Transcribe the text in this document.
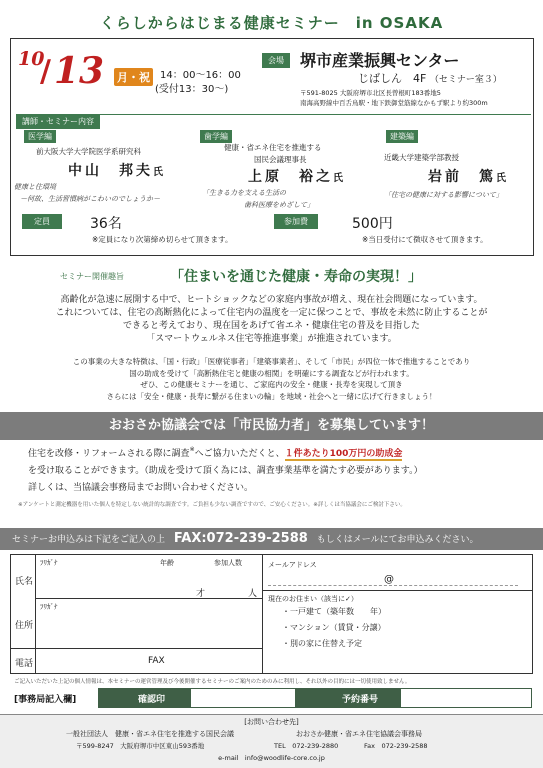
くらしからはじまる健康セミナー　in OSAKA
10
/ 13 月・祝	14：00～16：00
(受付13：30～)
会場	堺市産業振興センター
じばしん　4F （セミナー室３）
〒591-8025 大阪府堺市北区長曽根町183番地5
南海高野線中百舌鳥駅・地下鉄御堂筋線なかもず駅より約300m
講師・セミナー内容
医学編
前大阪大学大学院医学系研究科
中山　邦夫氏
健康と住環境
－何故、生活習慣病がこわいのでしょうか－
歯学編
健康・省エネ住宅を推進する
国民会議理事長
上原　裕之氏
「生きる力を支える生活の
歯科医療をめざして」
建築編
近畿大学建築学部教授
岩前　篤氏
「住宅の健康に対する影響について」
定員	36名
※定員になり次第締め切らせて頂きます。
参加費	500円
※当日受付にて徴収させて頂きます。
セミナー開催趣旨	「住まいを通じた健康・寿命の実現！」
高齢化が急速に展開する中で、ヒートショックなどの家庭内事故が増え、現在社会問題になっています。
これについては、住宅の高断熱化によって住宅内の温度を一定に保つことで、事故を未然に防止することが
できると考えており、現在国をあげて省エネ・健康住宅の普及を目指した
「スマートウェルネス住宅等推進事業」が推進されています。
この事業の大きな特徴は、「国・行政」「医療従事者」「建築事業者」、そして「市民」が四位一体で推進することであり
国の助成を受けて「高断熱住宅と健康の相関」を明確にする調査などが行われます。
ぜひ、この健康セミナーを通じ、ご家庭内の安全・健康・長寿を実現して頂き
さらには「安全・健康・長寿に繋がる住まいの輪」を地域・社会へと一緒に広げて行きましょう！
おおさか協議会では「市民協力者」を募集しています！
住宅を改修・リフォームされる際に調査※へご協力いただくと、１件あたり100万円の助成金
を受け取ることができます。（助成を受けて頂く為には、調査事業基準を満たす必要があります。）
詳しくは、当協議会事務局までお問い合わせください。
※アンケートと測定機器を用いた個人を特定しない統計的な調査です。ご負担も少ない調査ですので、ご安心ください。※詳しくは当協議会にご検討下さい。
セミナーお申込みは下記をご記入の上 FAX:072-239-2588 もしくはメールにてお申込みください。
ﾌﾘｶﾞﾅ	年齢	参加人数
氏名
才	人
ﾌﾘｶﾞﾅ
住所
電話	FAX
メールアドレス
@
現在のお住まい（該当に✓）
・一戸建て（築年数　　年）
・マンション（賃貸・分譲）
・別の家に住替え予定
ご記入いただいた上記の個人情報は、本セミナーの運営管理及び今後開催するセミナーのご案内のためのみに利用し、それ以外の目的には一切使用致しません。
[事務局記入欄]	確認印	予約番号
[お問い合わせ先]
一般社団法人　健康・省エネ住宅を推進する国民会議	おおさか健康・省エネ住宅協議会事務局
〒599-8247　大阪府堺市中区東山593番地	TEL　072-239-2880	Fax　072-239-2588
e-mail　info@woodlife-core.co.jp
